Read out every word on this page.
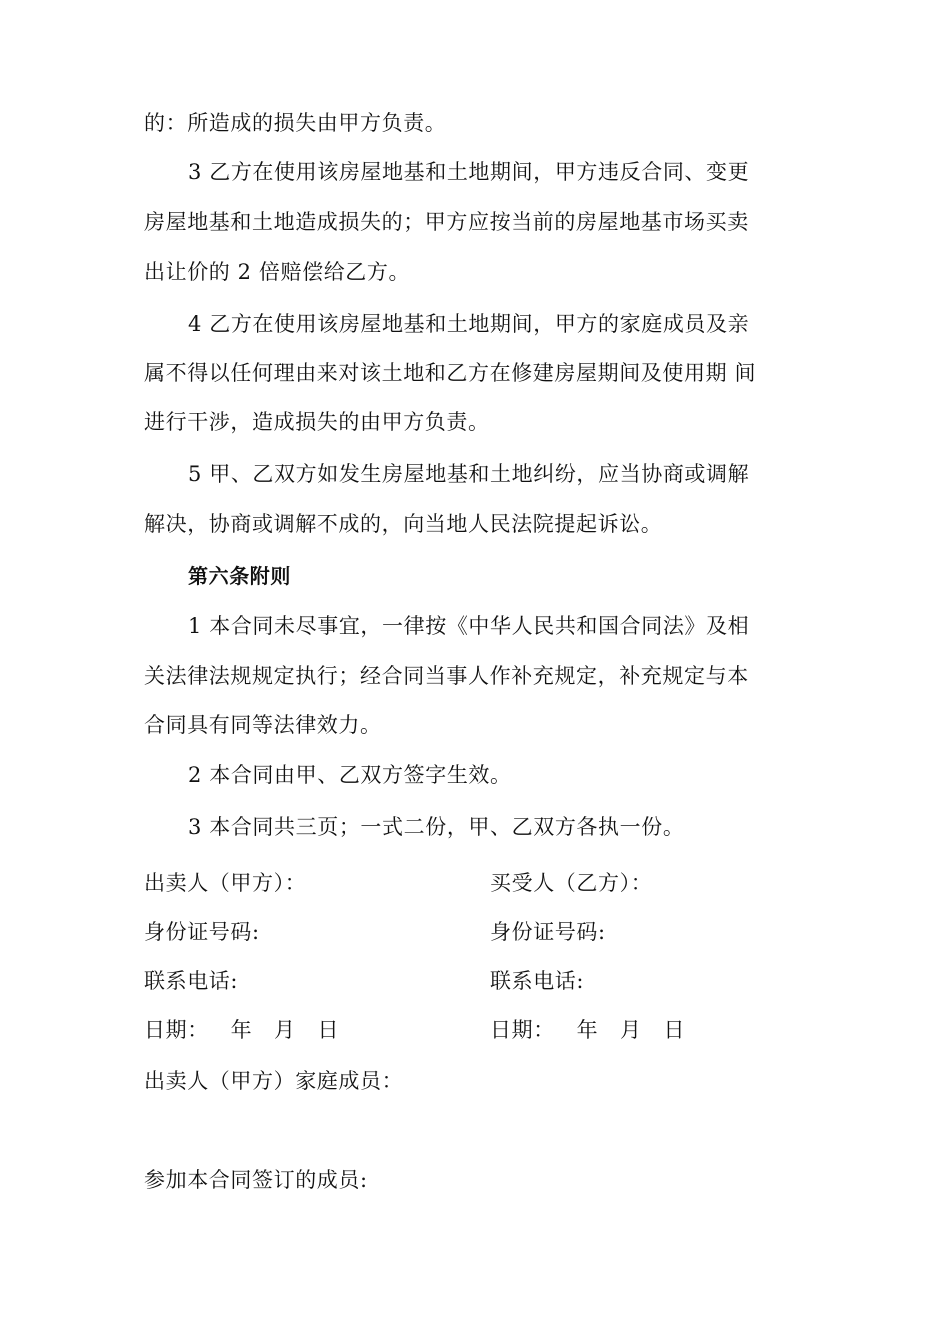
的：所造成的损失由甲方负责。
3 乙方在使用该房屋地基和土地期间，甲方违反合同、变更
房屋地基和土地造成损失的；甲方应按当前的房屋地基市场买卖
出让价的 2 倍赔偿给乙方。
4 乙方在使用该房屋地基和土地期间，甲方的家庭成员及亲
属不得以任何理由来对该土地和乙方在修建房屋期间及使用期 间
进行干涉，造成损失的由甲方负责。
5 甲、乙双方如发生房屋地基和土地纠纷，应当协商或调解
解决，协商或调解不成的，向当地人民法院提起诉讼。
第六条附则
1 本合同未尽事宜，一律按《中华人民共和国合同法》及相
关法律法规规定执行；经合同当事人作补充规定，补充规定与本
合同具有同等法律效力。
2 本合同由甲、乙双方签字生效。
3 本合同共三页；一式二份，甲、乙双方各执一份。
出卖人（甲方）：	买受人（乙方）：
身份证号码:	身份证号码:
联系电话:	联系电话:
日期：   年   月   日	日期：   年   月   日
出卖人（甲方）家庭成员：
参加本合同签订的成员:
